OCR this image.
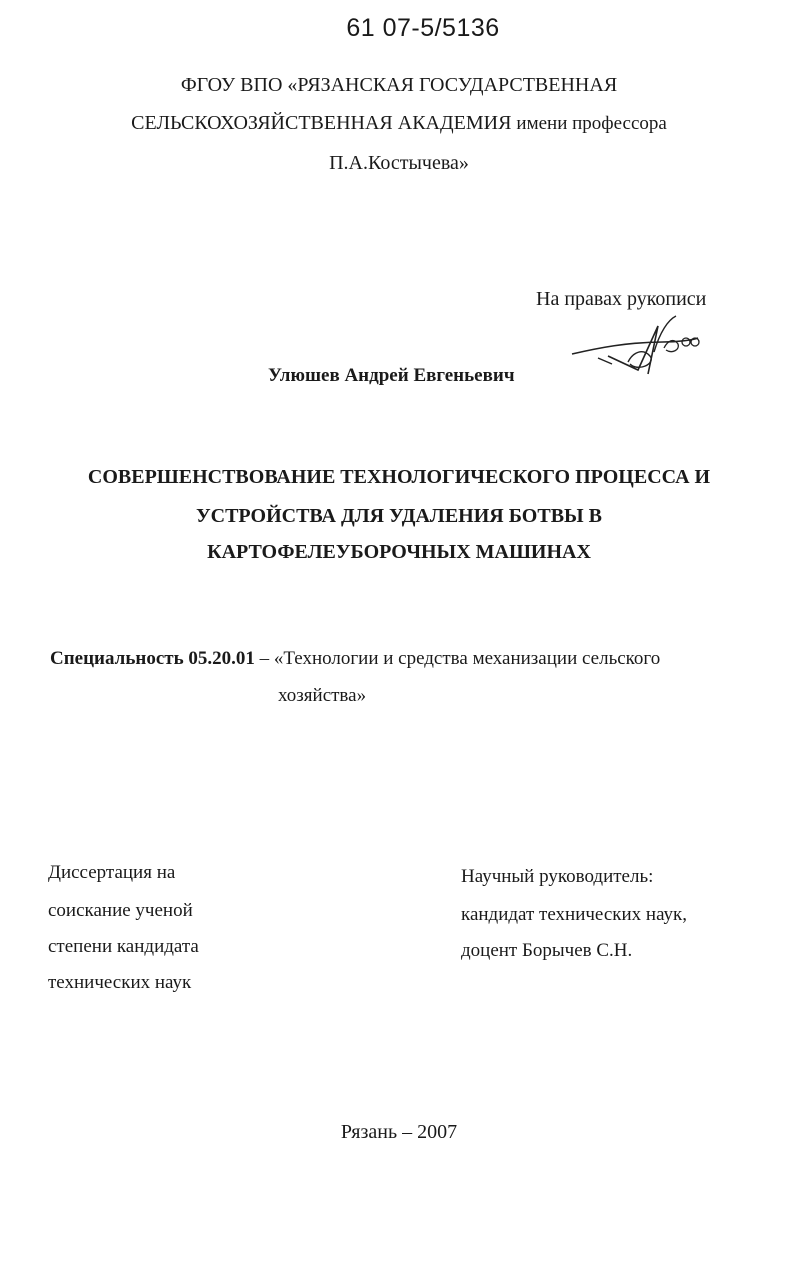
61 07-5/5136
ФГОУ ВПО «РЯЗАНСКАЯ ГОСУДАРСТВЕННАЯ
СЕЛЬСКОХОЗЯЙСТВЕННАЯ АКАДЕМИЯ имени профессора
П.А.Костычева»
На правах рукописи
Улюшев Андрей Евгеньевич
СОВЕРШЕНСТВОВАНИЕ ТЕХНОЛОГИЧЕСКОГО ПРОЦЕССА И
УСТРОЙСТВА ДЛЯ УДАЛЕНИЯ БОТВЫ В
КАРТОФЕЛЕУБОРОЧНЫХ МАШИНАХ
Специальность 05.20.01 – «Технологии и средства механизации сельского
хозяйства»
Диссертация на
соискание ученой
степени кандидата
технических наук
Научный руководитель:
кандидат технических наук,
доцент Борычев С.Н.
Рязань – 2007
